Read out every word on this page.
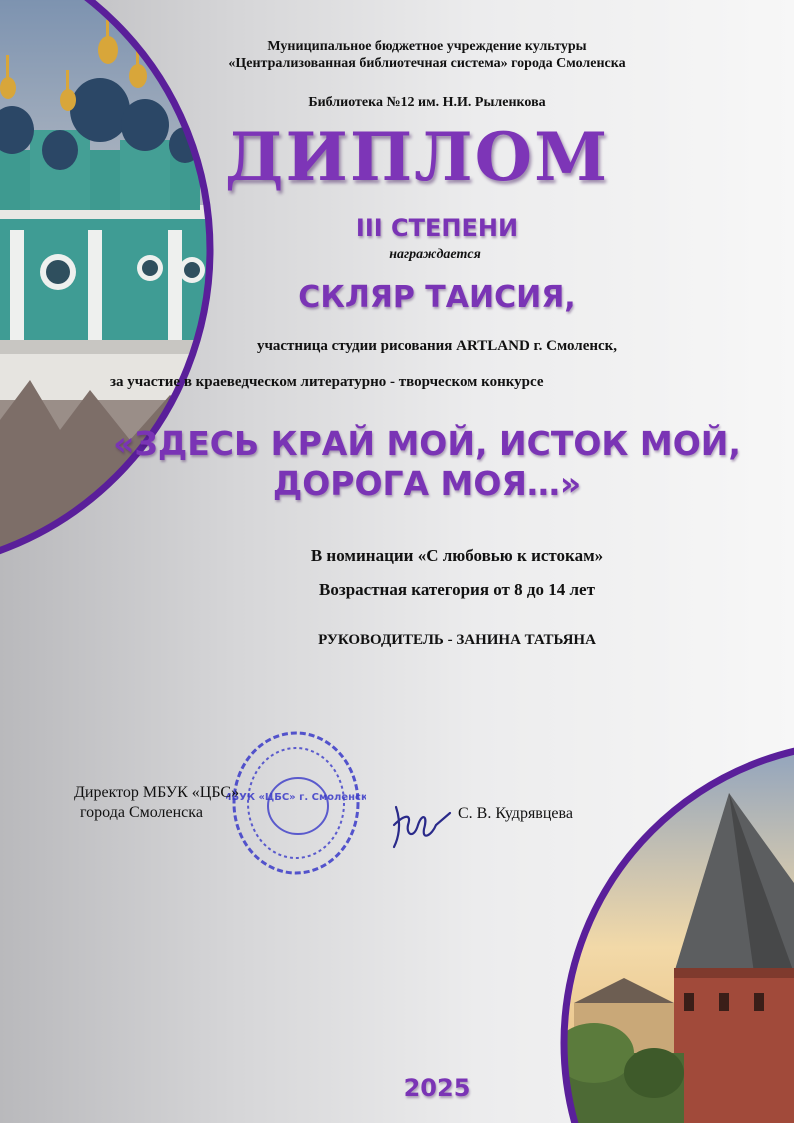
Муниципальное бюджетное учреждение культуры
«Централизованная библиотечная система» города Смоленска
Библиотека №12 им. Н.И. Рыленкова
ДИПЛОМ
III СТЕПЕНИ
награждается
СКЛЯР ТАИСИЯ,
участница студии рисования ARTLAND г. Смоленск,
за участие в краеведческом литературно - творческом конкурсе
«ЗДЕСЬ КРАЙ МОЙ, ИСТОК МОЙ,
ДОРОГА МОЯ…»
В номинации «С любовью к истокам»
Возрастная категория от 8 до 14 лет
РУКОВОДИТЕЛЬ - ЗАНИНА ТАТЬЯНА
МБУК «ЦБС» г. Смоленска
Директор МБУК «ЦБС»
города Смоленска	С. В. Кудрявцева
2025
